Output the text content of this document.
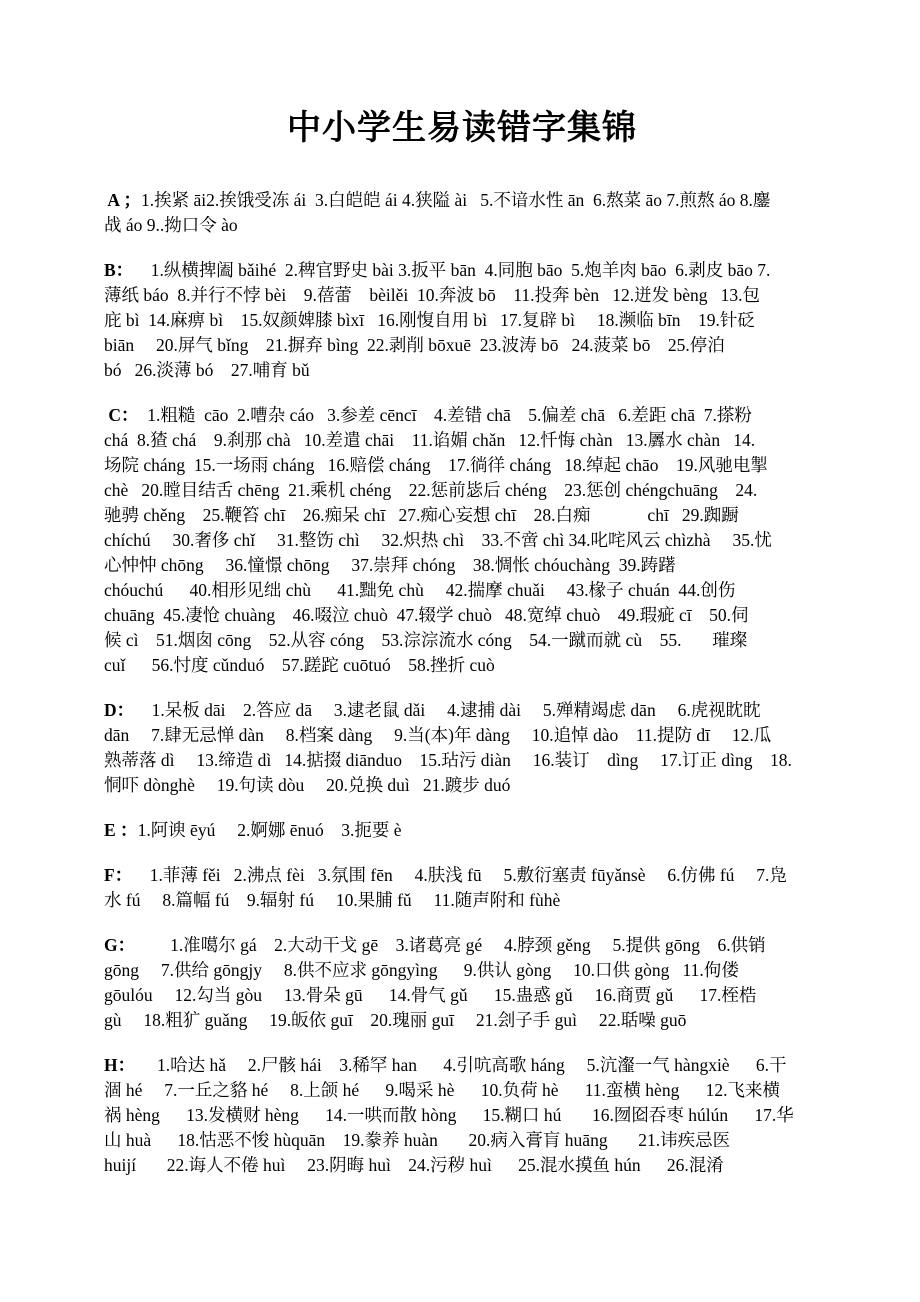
中小学生易读错字集锦
A ；1.挨紧 āi2.挨饿受冻 ái  3.白皑皑 ái 4.狭隘 ài   5.不谙水性 ān  6.熬菜 āo 7.煎熬 áo 8.鏖
战 áo 9..拗口令 ào
B：    1.纵横捭阖 bǎihé  2.稗官野史 bài 3.扳平 bān  4.同胞 bāo  5.炮羊肉 bāo  6.剥皮 bāo 7.
薄纸 báo  8.并行不悖 bèi    9.蓓蕾    bèilěi  10.奔波 bō    11.投奔 bèn   12.迸发 bèng   13.包
庇 bì  14.麻痹 bì    15.奴颜婢膝 bìxī   16.刚愎自用 bì   17.复辟 bì     18.濒临 bīn    19.针砭
biān     20.屏气 bǐng    21.摒弃 bìng  22.剥削 bōxuē  23.波涛 bō   24.菠菜 bō    25.停泊
bó   26.淡薄 bó    27.哺育 bǔ
C：  1.粗糙  cāo  2.嘈杂 cáo   3.参差 cēncī    4.差错 chā    5.偏差 chā   6.差距 chā  7.搽粉
chá  8.猹 chá    9.刹那 chà   10.差遣 chāi    11.谄媚 chǎn   12.忏悔 chàn   13.羼水 chàn   14.
场院 cháng  15.一场雨 cháng   16.赔偿 cháng    17.徜徉 cháng   18.绰起 chāo    19.风驰电掣
chè   20.瞠目结舌 chēng  21.乘机 chéng    22.惩前毖后 chéng    23.惩创 chéngchuāng    24.
驰骋 chěng    25.鞭笞 chī    26.痴呆 chī   27.痴心妄想 chī    28.白痴             chī   29.踟蹰
chíchú     30.奢侈 chǐ     31.整饬 chì     32.炽热 chì    33.不啻 chì 34.叱咤风云 chìzhà     35.忧
心忡忡 chōng     36.憧憬 chōng     37.崇拜 chóng    38.惆怅 chóuchàng  39.踌躇
chóuchú      40.相形见绌 chù      41.黜免 chù     42.揣摩 chuǎi     43.椽子 chuán  44.创伤
chuāng  45.凄怆 chuàng    46.啜泣 chuò  47.辍学 chuò   48.宽绰 chuò    49.瑕疵 cī    50.伺
候 cì    51.烟囱 cōng    52.从容 cóng    53.淙淙流水 cóng    54.一蹴而就 cù    55.       璀璨
cuǐ      56.忖度 cǔnduó    57.蹉跎 cuōtuó    58.挫折 cuò
D：    1.呆板 dāi    2.答应 dā     3.逮老鼠 dǎi     4.逮捕 dài     5.殚精竭虑 dān     6.虎视眈眈
dān     7.肆无忌惮 dàn     8.档案 dàng     9.当(本)年 dàng     10.追悼 dào    11.提防 dī     12.瓜
熟蒂落 dì     13.缔造 dì   14.掂掇 diānduo    15.玷污 diàn     16.装订    dìng     17.订正 dìng    18.
恫吓 dònghè     19.句读 dòu     20.兑换 duì   21.踱步 duó
E ：1.阿谀 ēyú     2.婀娜 ēnuó    3.扼要 è
F：    1.菲薄 fěi   2.沸点 fèi   3.氛围 fēn     4.肤浅 fū     5.敷衍塞责 fūyǎnsè     6.仿佛 fú     7.凫
水 fú     8.篇幅 fú    9.辐射 fú     10.果脯 fǔ     11.随声附和 fùhè
G：        1.准噶尔 gá    2.大动干戈 gē    3.诸葛亮 gé     4.脖颈 gěng     5.提供 gōng    6.供销
gōng     7.供给 gōngjy     8.供不应求 gōngyìng      9.供认 gòng     10.口供 gòng   11.佝偻
gōulóu     12.勾当 gòu     13.骨朵 gū      14.骨气 gǔ      15.蛊惑 gǔ     16.商贾 gǔ      17.桎梏
gù     18.粗犷 guǎng     19.皈依 guī    20.瑰丽 guī     21.刽子手 guì     22.聒噪 guō
H：     1.哈达 hǎ     2.尸骸 hái    3.稀罕 han      4.引吭高歌 háng     5.沆瀣一气 hàngxiè      6.干
涸 hé     7.一丘之貉 hé     8.上颌 hé      9.喝采 hè      10.负荷 hè      11.蛮横 hèng      12.飞来横
祸 hèng      13.发横财 hèng      14.一哄而散 hòng      15.糊口 hú       16.囫囵吞枣 húlún      17.华
山 huà      18.怙恶不悛 hùquān    19.豢养 huàn       20.病入膏肓 huāng       21.讳疾忌医
huijí       22.诲人不倦 huì     23.阴晦 huì    24.污秽 huì      25.混水摸鱼 hún      26.混淆
